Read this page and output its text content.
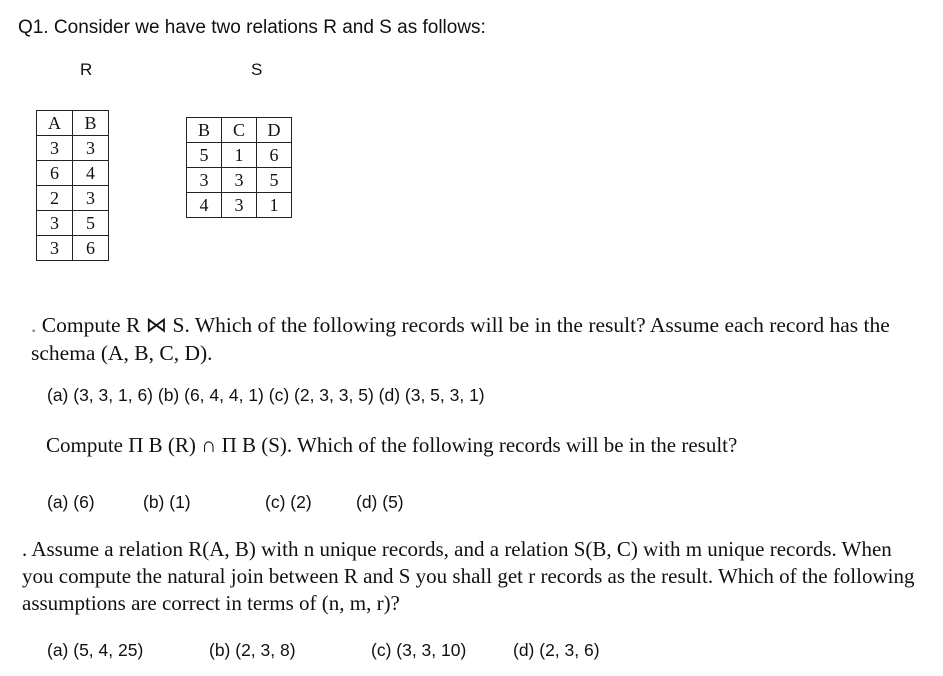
Q1. Consider we have two relations R and S as follows:
R	S
A	B
3	3
6	4
2	3
3	5
3	6
B	C	D
5	1	6
3	3	5
4	3	1
. Compute R ⋈ S. Which of the following records will be in the result? Assume each record has the schema (A, B, C, D).
(a) (3, 3, 1, 6) (b) (6, 4, 4, 1) (c) (2, 3, 3, 5) (d) (3, 5, 3, 1)
Compute Π B (R) ∩ Π B (S). Which of the following records will be in the result?
(a) (6)	(b) (1)	(c) (2)	(d) (5)
. Assume a relation R(A, B) with n unique records, and a relation S(B, C) with m unique records. When you compute the natural join between R and S you shall get r records as the result. Which of the following assumptions are correct in terms of (n, m, r)?
(a) (5, 4, 25)	(b) (2, 3, 8)	(c) (3, 3, 10)	(d) (2, 3, 6)
